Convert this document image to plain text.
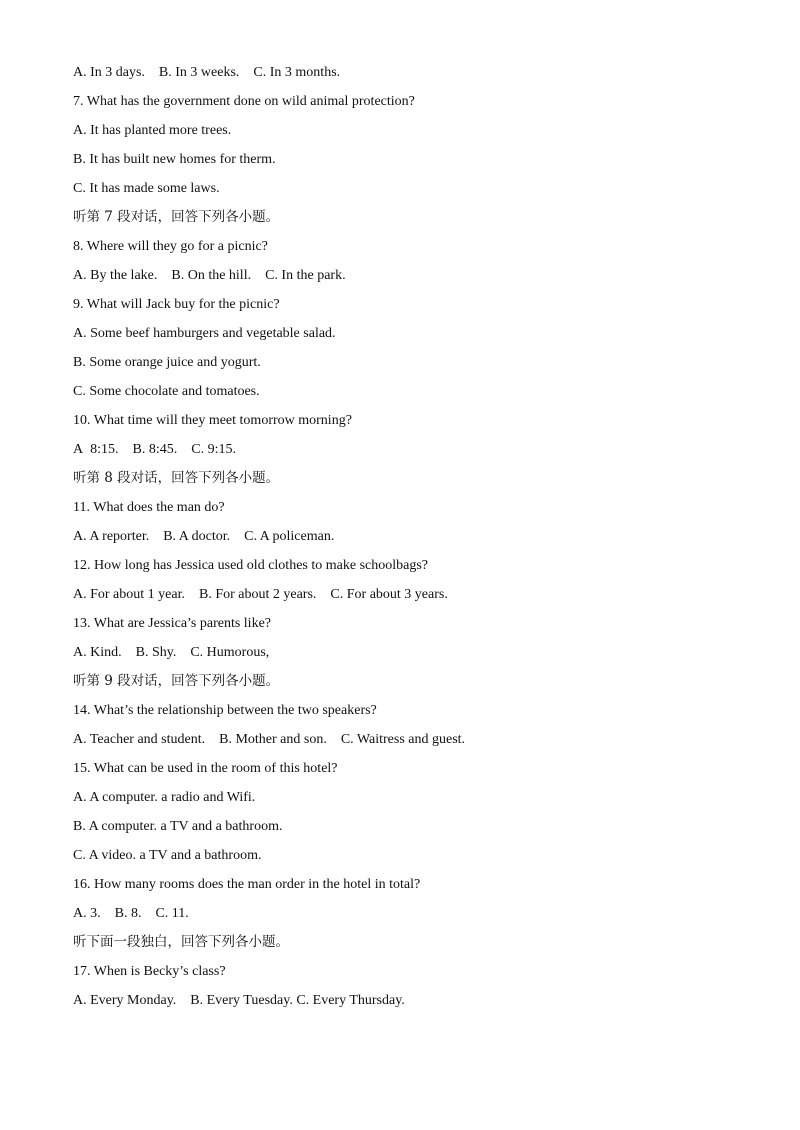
A. In 3 days.    B. In 3 weeks.    C. In 3 months.
7. What has the government done on wild animal protection?
A. It has planted more trees.
B. It has built new homes for therm.
C. It has made some laws.
听第 7 段对话，回答下列各小题。
8. Where will they go for a picnic?
A. By the lake.    B. On the hill.    C. In the park.
9. What will Jack buy for the picnic?
A. Some beef hamburgers and vegetable salad.
B. Some orange juice and yogurt.
C. Some chocolate and tomatoes.
10. What time will they meet tomorrow morning?
A  8:15.    B. 8:45.    C. 9:15.
听第 8 段对话，回答下列各小题。
11. What does the man do?
A. A reporter.    B. A doctor.    C. A policeman.
12. How long has Jessica used old clothes to make schoolbags?
A. For about 1 year.    B. For about 2 years.    C. For about 3 years.
13. What are Jessica’s parents like?
A. Kind.    B. Shy.    C. Humorous,
听第 9 段对话，回答下列各小题。
14. What’s the relationship between the two speakers?
A. Teacher and student.    B. Mother and son.    C. Waitress and guest.
15. What can be used in the room of this hotel?
A. A computer. a radio and Wifi.
B. A computer. a TV and a bathroom.
C. A video. a TV and a bathroom.
16. How many rooms does the man order in the hotel in total?
A. 3.    B. 8.    C. 11.
听下面一段独白，回答下列各小题。
17. When is Becky’s class?
A. Every Monday.    B. Every Tuesday. C. Every Thursday.
